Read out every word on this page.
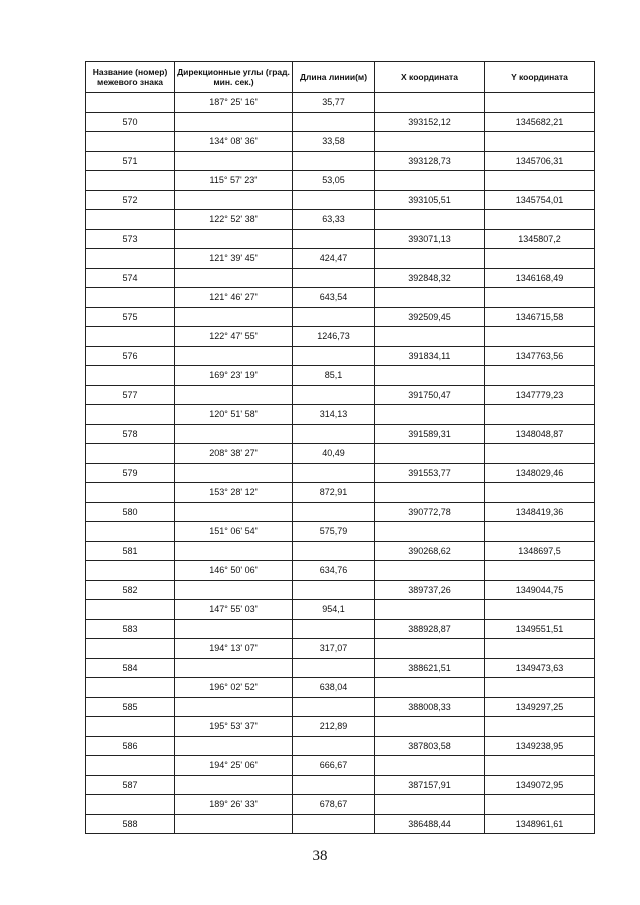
Название (номер) межевого знака	Дирекционные углы (град. мин. сек.)	Длина линии(м)	X координата	Y координата
	187° 25' 16"	35,77		
570			393152,12	1345682,21
	134° 08' 36"	33,58		
571			393128,73	1345706,31
	115° 57' 23"	53,05		
572			393105,51	1345754,01
	122° 52' 38"	63,33		
573			393071,13	1345807,2
	121° 39' 45"	424,47		
574			392848,32	1346168,49
	121° 46' 27"	643,54		
575			392509,45	1346715,58
	122° 47' 55"	1246,73		
576			391834,11	1347763,56
	169° 23' 19"	85,1		
577			391750,47	1347779,23
	120° 51' 58"	314,13		
578			391589,31	1348048,87
	208° 38' 27"	40,49		
579			391553,77	1348029,46
	153° 28' 12"	872,91		
580			390772,78	1348419,36
	151° 06' 54"	575,79		
581			390268,62	1348697,5
	146° 50' 06"	634,76		
582			389737,26	1349044,75
	147° 55' 03"	954,1		
583			388928,87	1349551,51
	194° 13' 07"	317,07		
584			388621,51	1349473,63
	196° 02' 52"	638,04		
585			388008,33	1349297,25
	195° 53' 37"	212,89		
586			387803,58	1349238,95
	194° 25' 06"	666,67		
587			387157,91	1349072,95
	189° 26' 33"	678,67		
588			386488,44	1348961,61
38
